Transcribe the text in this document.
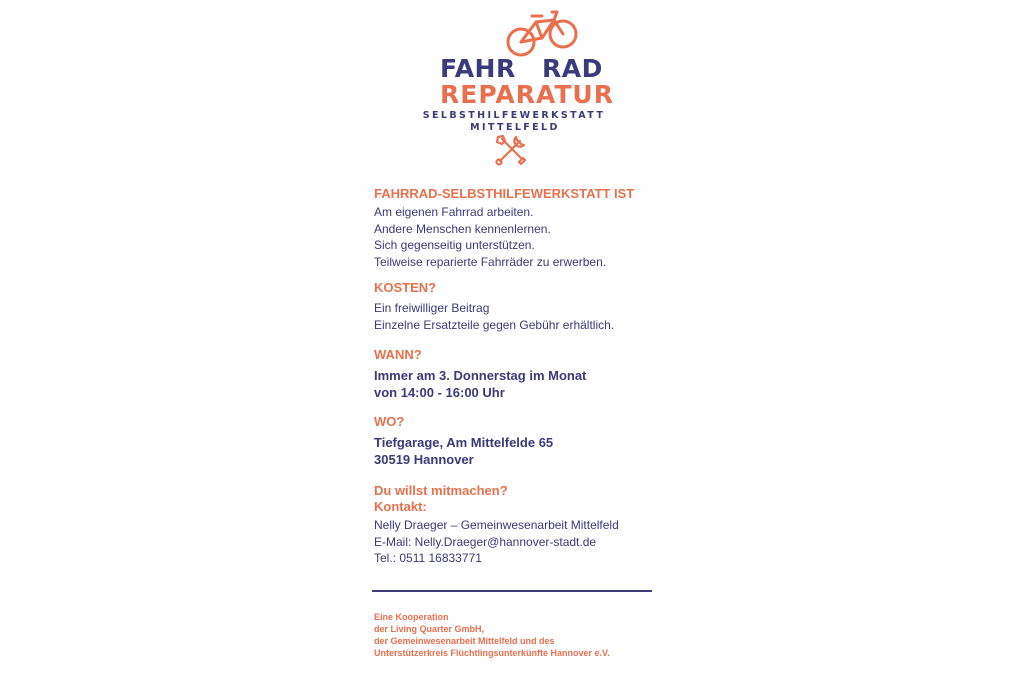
FAHR RAD
REPARATUR
SELBSTHILFEWERKSTATT
MITTELFELD
FAHRRAD-SELBSTHILFEWERKSTATT IST
Am eigenen Fahrrad arbeiten.
Andere Menschen kennenlernen.
Sich gegenseitig unterstützen.
Teilweise reparierte Fahrräder zu erwerben.
KOSTEN?
Ein freiwilliger Beitrag
Einzelne Ersatzteile gegen Gebühr erhältlich.
WANN?
Immer am 3. Donnerstag im Monat
von 14:00 - 16:00 Uhr
WO?
Tiefgarage, Am Mittelfelde 65
30519 Hannover
Du willst mitmachen?
Kontakt:
Nelly Draeger – Gemeinwesenarbeit Mittelfeld
E-Mail: Nelly.Draeger@hannover-stadt.de
Tel.: 0511 16833771
Eine Kooperation
der Living Quarter GmbH,
der Gemeinwesenarbeit Mittelfeld und des
Unterstützerkreis Flüchtlingsunterkünfte Hannover e.V.
